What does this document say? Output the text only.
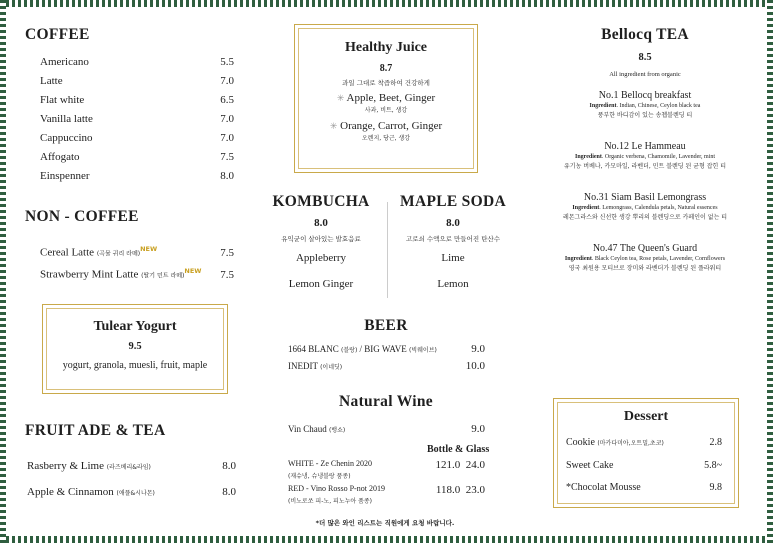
COFFEE
Americano	5.5
Latte	7.0
Flat white	6.5
Vanilla latte	7.0
Cappuccino	7.0
Affogato	7.5
Einspenner	8.0
NON - COFFEE
Cereal Latte (곡물 귀리 라떼)$^{NEW}$	7.5
Strawberry Mint Latte (딸기 민트 라떼)$^{NEW}$ 7.5
Tulear Yogurt
9.5
yogurt, granola, muesli, fruit, maple
FRUIT ADE & TEA
Rasberry & Lime (라즈베리&라임)	8.0
Apple & Cinnamon (애플&시나몬)	8.0
Healthy Juice
8.7
과일 그대로 착즙하여 건강하게
✳ Apple, Beet, Ginger
사과, 비트, 생강
✳ Orange, Carrot, Ginger
오렌지, 당근, 생강
KOMBUCHA
8.0
유익균이 살아있는 발효음료
Appleberry
Lemon Ginger
MAPLE SODA
8.0
고로쇠 수액으로 만들어진 탄산수
Lime
Lemon
BEER
1664 BLANC (블랑) / BIG WAVE (빅웨이브)	9.0
INEDIT (이네딧)	10.0
Natural Wine
Vin Chaud (뱅쇼)	9.0
Bottle & Glass
WHITE - Ze Chenin 2020	121.0 24.0
(재슈냉, 슈냉블랑 품종)
RED - Vino Rosso P-not 2019	118.0 23.0
(비노로쏘 피-노, 피노누아 품종)
*더 많은 와인 리스트는 직원에게 요청 바랍니다.
Bellocq TEA
8.5
All ingredient from organic
No.1 Bellocq breakfast
Ingredient. Indian, Chinese, Ceylon black tea
풍부한 바디감이 있는 송쳅블렌딩 티
No.12 Le Hammeau
Ingredient. Organic verbena, Chamomile, Lavender, mint
유기농 버베나, 카모마일, 라벤더, 민트 블렌딩 된 균형 잡힌 티
No.31 Siam Basil Lemongrass
Ingredient. Lemongrass, Calendula petals, Natural essences
레몬그라스와 신선한 생강 뿌리의 블렌딩으로 카페인이 없는 티
No.47 The Queen's Guard
Ingredient. Black Ceylon tea, Rose petals, Lavender, Cornflowers
영국 최원용 모티브로 장미와 라벤더가 블렌딩 된 플라워티
Dessert
Cookie (마카다미아,오트밀,초코)	2.8
Sweet Cake	5.8~
*Chocolat Mousse	9.8
